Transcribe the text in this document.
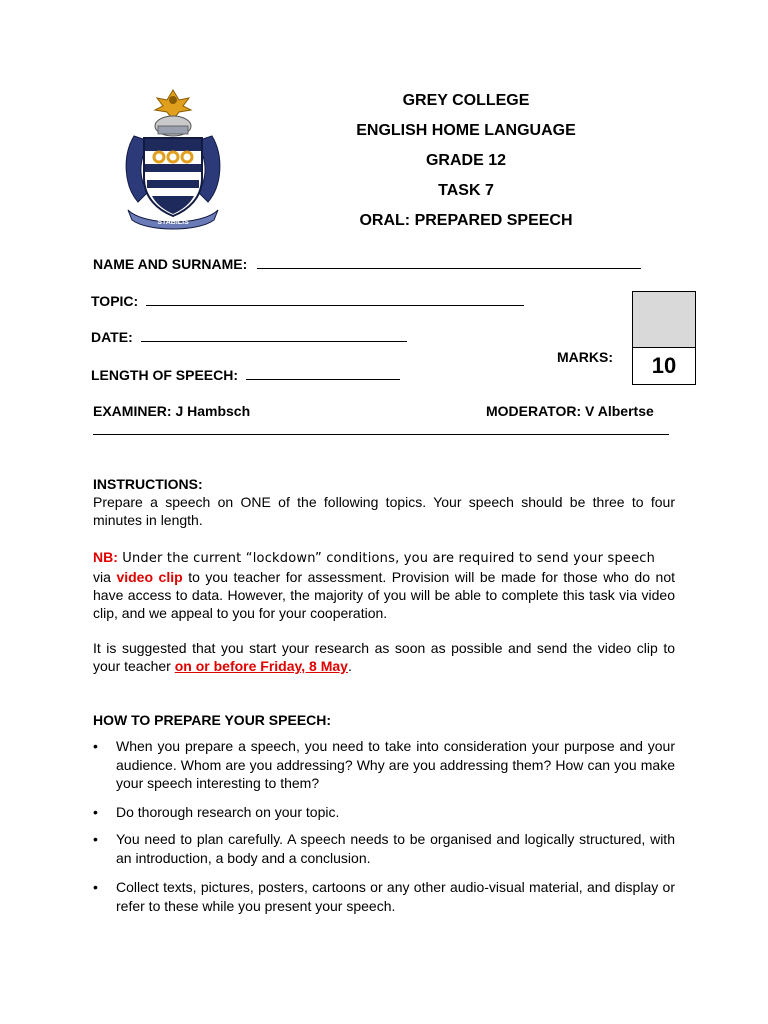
STABILIS
GREY COLLEGE
ENGLISH HOME LANGUAGE
GRADE 12
TASK 7
ORAL: PREPARED SPEECH
NAME AND SURNAME:
TOPIC:
DATE:
LENGTH OF SPEECH:
MARKS:	10
EXAMINER: J Hambsch	MODERATOR: V Albertse
INSTRUCTIONS:
Prepare a speech on ONE of the following topics. Your speech should be three to four minutes in length.
NB: Under the current “lockdown” conditions, you are required to send your speech
via video clip to you teacher for assessment. Provision will be made for those who do not have access to data. However, the majority of you will be able to complete this task via video clip, and we appeal to you for your cooperation.
It is suggested that you start your research as soon as possible and send the video clip to your teacher on or before Friday, 8 May.
HOW TO PREPARE YOUR SPEECH:
•	When you prepare a speech, you need to take into consideration your purpose and your audience. Whom are you addressing? Why are you addressing them? How can you make your speech interesting to them?
•	Do thorough research on your topic.
•	You need to plan carefully. A speech needs to be organised and logically structured, with an introduction, a body and a conclusion.
•	Collect texts, pictures, posters, cartoons or any other audio-visual material, and display or refer to these while you present your speech.
